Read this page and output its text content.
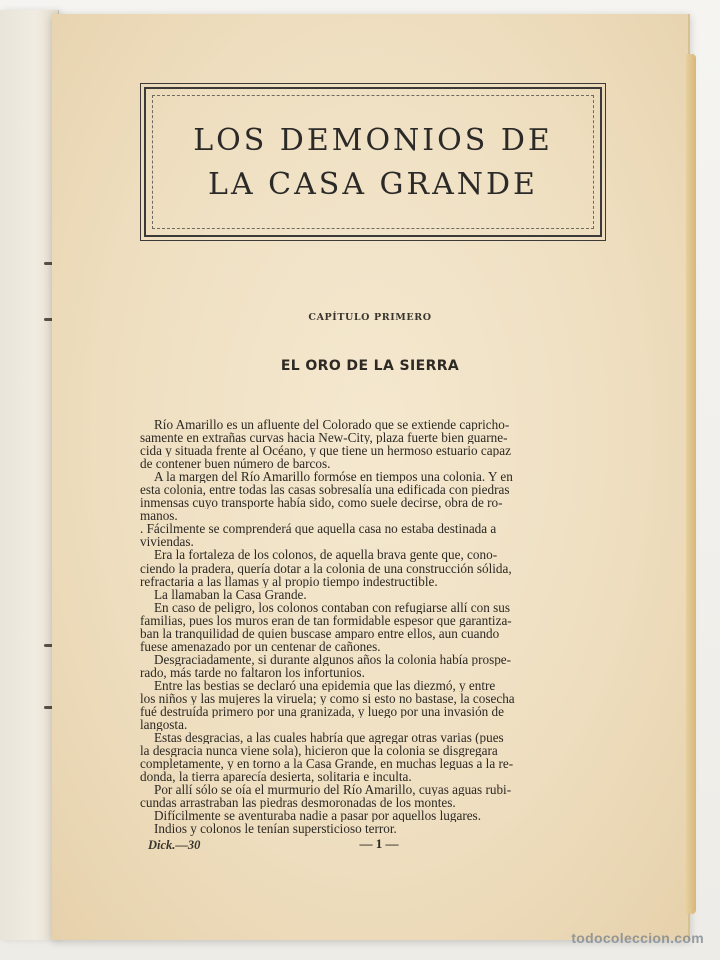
LOS DEMONIOS DE
LA CASA GRANDE
CAPÍTULO PRIMERO
EL ORO DE LA SIERRA
Río Amarillo es un afluente del Colorado que se extiende capricho-
samente en extrañas curvas hacia New-City, plaza fuerte bien guarne-
cida y situada frente al Océano, y que tiene un hermoso estuario capaz
de contener buen número de barcos.
A la margen del Río Amarillo formóse en tiempos una colonia. Y en
esta colonia, entre todas las casas sobresalía una edificada con piedras
inmensas cuyo transporte había sido, como suele decirse, obra de ro-
manos.
. Fácilmente se comprenderá que aquella casa no estaba destinada a
viviendas.
Era la fortaleza de los colonos, de aquella brava gente que, cono-
ciendo la pradera, quería dotar a la colonia de una construcción sólida,
refractaria a las llamas y al propio tiempo indestructible.
La llamaban la Casa Grande.
En caso de peligro, los colonos contaban con refugiarse allí con sus
familias, pues los muros eran de tan formidable espesor que garantiza-
ban la tranquilidad de quien buscase amparo entre ellos, aun cuando
fuese amenazado por un centenar de cañones.
Desgraciadamente, si durante algunos años la colonia había prospe-
rado, más tarde no faltaron los infortunios.
Entre las bestias se declaró una epidemia que las diezmó, y entre
los niños y las mujeres la viruela; y como si esto no bastase, la cosecha
fué destruída primero por una granizada, y luego por una invasión de
langosta.
Estas desgracias, a las cuales habría que agregar otras varias (pues
la desgracia nunca viene sola), hicieron que la colonia se disgregara
completamente, y en torno a la Casa Grande, en muchas leguas a la re-
donda, la tierra aparecía desierta, solitaria e inculta.
Por allí sólo se oía el murmurio del Río Amarillo, cuyas aguas rubi-
cundas arrastraban las piedras desmoronadas de los montes.
Difícilmente se aventuraba nadie a pasar por aquellos lugares.
Indios y colonos le tenían supersticioso terror.
Dick.—30	— 1 —
todocoleccion.com
